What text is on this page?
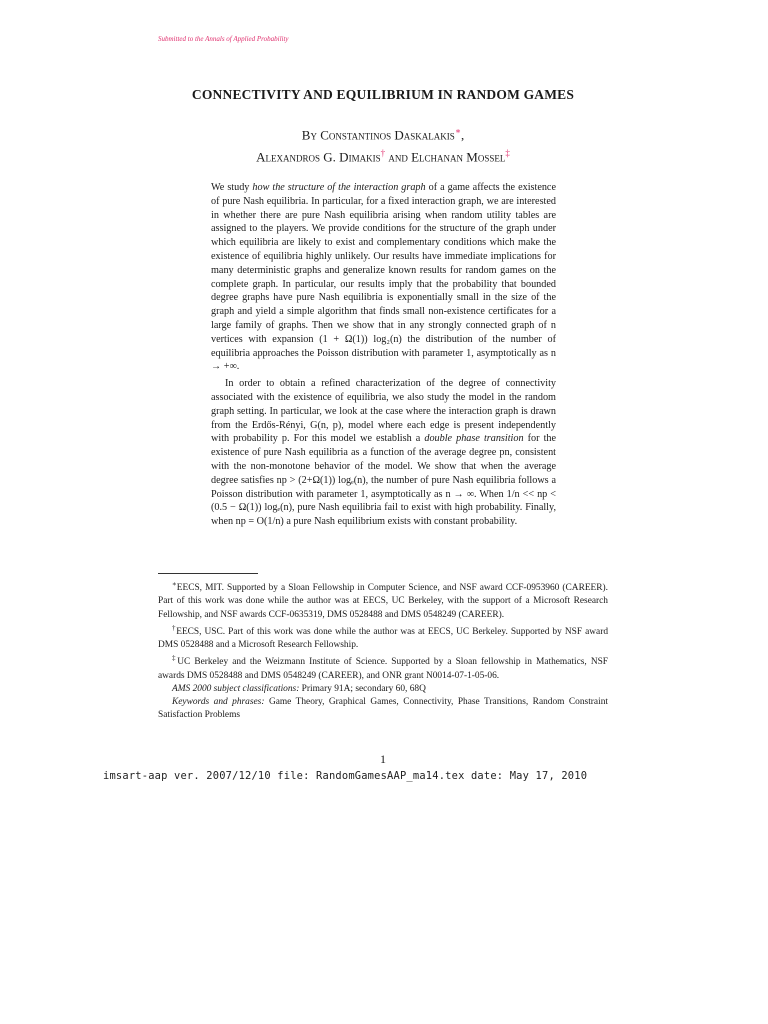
Submitted to the Annals of Applied Probability
CONNECTIVITY AND EQUILIBRIUM IN RANDOM GAMES
By Constantinos Daskalakis∗,
Alexandros G. Dimakis† and Elchanan Mossel‡

We study how the structure of the interaction graph of a game affects the existence of pure Nash equilibria. In particular, for a fixed interaction graph, we are interested in whether there are pure Nash equilibria arising when random utility tables are assigned to the players. We provide conditions for the structure of the graph under which equilibria are likely to exist and complementary conditions which make the existence of equilibria highly unlikely. Our results have immediate implications for many deterministic graphs and generalize known results for random games on the complete graph. In particular, our results imply that the probability that bounded degree graphs have pure Nash equilibria is exponentially small in the size of the graph and yield a simple algorithm that finds small non-existence certificates for a large family of graphs. Then we show that in any strongly connected graph of n vertices with expansion (1 + Ω(1)) log₂(n) the distribution of the number of equilibria approaches the Poisson distribution with parameter 1, asymptotically as n → +∞.

In order to obtain a refined characterization of the degree of connectivity associated with the existence of equilibria, we also study the model in the random graph setting. In particular, we look at the case where the interaction graph is drawn from the Erdős-Rényi, G(n, p), model where each edge is present independently with probability p. For this model we establish a double phase transition for the existence of pure Nash equilibria as a function of the average degree pn, consistent with the non-monotone behavior of the model. We show that when the average degree satisfies np > (2+Ω(1)) logₑ(n), the number of pure Nash equilibria follows a Poisson distribution with parameter 1, asymptotically as n → ∞. When 1/n << np < (0.5 − Ω(1)) logₑ(n), pure Nash equilibria fail to exist with high probability. Finally, when np = O(1/n) a pure Nash equilibrium exists with constant probability.

∗EECS, MIT. Supported by a Sloan Fellowship in Computer Science, and NSF award CCF-0953960 (CAREER). Part of this work was done while the author was at EECS, UC Berkeley, with the support of a Microsoft Research Fellowship, and NSF awards CCF-0635319, DMS 0528488 and DMS 0548249 (CAREER).

†EECS, USC. Part of this work was done while the author was at EECS, UC Berkeley. Supported by NSF award DMS 0528488 and a Microsoft Research Fellowship.

‡UC Berkeley and the Weizmann Institute of Science. Supported by a Sloan fellowship in Mathematics, NSF awards DMS 0528488 and DMS 0548249 (CAREER), and ONR grant N0014-07-1-05-06.

AMS 2000 subject classifications: Primary 91A; secondary 60, 68Q

Keywords and phrases: Game Theory, Graphical Games, Connectivity, Phase Transitions, Random Constraint Satisfaction Problems

1
imsart-aap ver. 2007/12/10 file: RandomGamesAAP_ma14.tex date: May 17, 2010
